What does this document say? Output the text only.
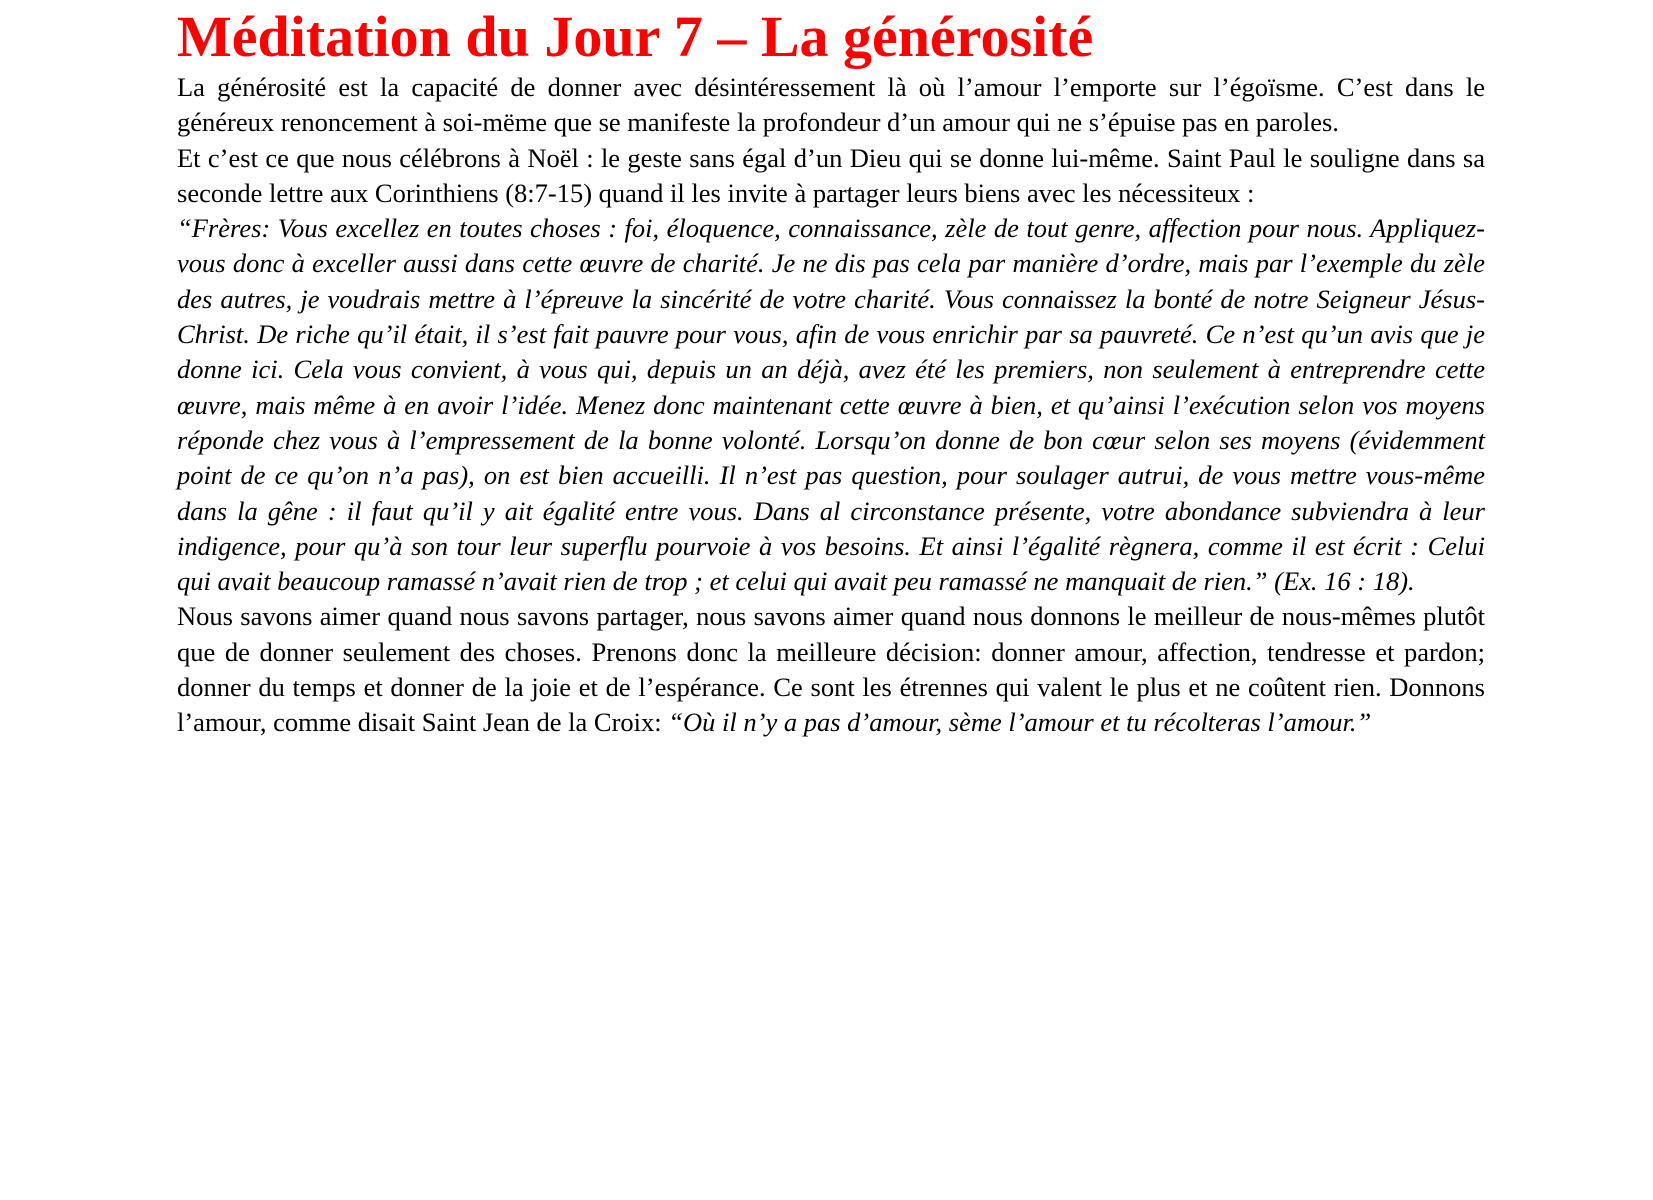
Méditation du Jour 7 – La générosité

La générosité est la capacité de donner avec désintéressement là où l’amour l’emporte sur l’égoïsme. C’est dans le généreux renoncement à soi-mëme que se manifeste la profondeur d’un amour qui ne s’épuise pas en paroles.

Et c’est ce que nous célébrons à Noël : le geste sans égal d’un Dieu qui se donne lui-même. Saint Paul le souligne dans sa seconde lettre aux Corinthiens (8:7-15) quand il les invite à partager leurs biens avec les nécessiteux :

“Frères: Vous excellez en toutes choses : foi, éloquence, connaissance, zèle de tout genre, affection pour nous. Appliquez-vous donc à exceller aussi dans cette œuvre de charité. Je ne dis pas cela par manière d’ordre, mais par l’exemple du zèle des autres, je voudrais mettre à l’épreuve la sincérité de votre charité. Vous connaissez la bonté de notre Seigneur Jésus-Christ. De riche qu’il était, il s’est fait pauvre pour vous, afin de vous enrichir par sa pauvreté. Ce n’est qu’un avis que je donne ici. Cela vous convient, à vous qui, depuis un an déjà, avez été les premiers, non seulement à entreprendre cette œuvre, mais même à en avoir l’idée. Menez donc maintenant cette œuvre à bien, et qu’ainsi l’exécution selon vos moyens réponde chez vous à l’empressement de la bonne volonté. Lorsqu’on donne de bon cœur selon ses moyens (évidemment point de ce qu’on n’a pas), on est bien accueilli. Il n’est pas question, pour soulager autrui, de vous mettre vous-même dans la gêne : il faut qu’il y ait égalité entre vous. Dans al circonstance présente, votre abondance subviendra à leur indigence, pour qu’à son tour leur superflu pourvoie à vos besoins. Et ainsi l’égalité règnera, comme il est écrit : Celui qui avait beaucoup ramassé n’avait rien de trop ; et celui qui avait peu ramassé ne manquait de rien.” (Ex. 16 : 18).

Nous savons aimer quand nous savons partager, nous savons aimer quand nous donnons le meilleur de nous-mêmes plutôt que de donner seulement des choses. Prenons donc la meilleure décision: donner amour, affection, tendresse et pardon; donner du temps et donner de la joie et de l’espérance. Ce sont les étrennes qui valent le plus et ne coûtent rien. Donnons l’amour, comme disait Saint Jean de la Croix: “Où il n’y a pas d’amour, sème l’amour et tu récolteras l’amour.”
